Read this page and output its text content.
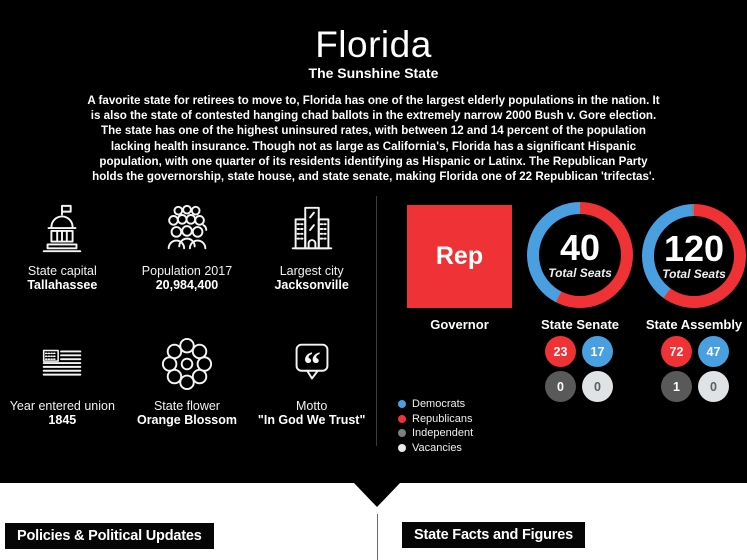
Florida
The Sunshine State
A favorite state for retirees to move to, Florida has one of the largest elderly populations in the nation. It is also the state of contested hanging chad ballots in the extremely narrow 2000 Bush v. Gore election. The state has one of the highest uninsured rates, with between 12 and 14 percent of the population lacking health insurance. Though not as large as California's, Florida has a significant Hispanic population, with one quarter of its residents identifying as Hispanic or Latinx. The Republican Party holds the governorship, state house, and state senate, making Florida one of 22 Republican 'trifectas'.
State capital
Tallahassee
Population 2017
20,984,400
Largest city
Jacksonville
Year entered union
1845
State flower
Orange Blossom
“
Motto
"In God We Trust"
Rep
Governor
40
Total Seats
120
Total Seats
State Senate	State Assembly
23	17
0	0
72	47
1	0
Democrats
Republicans
Independent
Vacancies
Policies & Political Updates	State Facts and Figures
